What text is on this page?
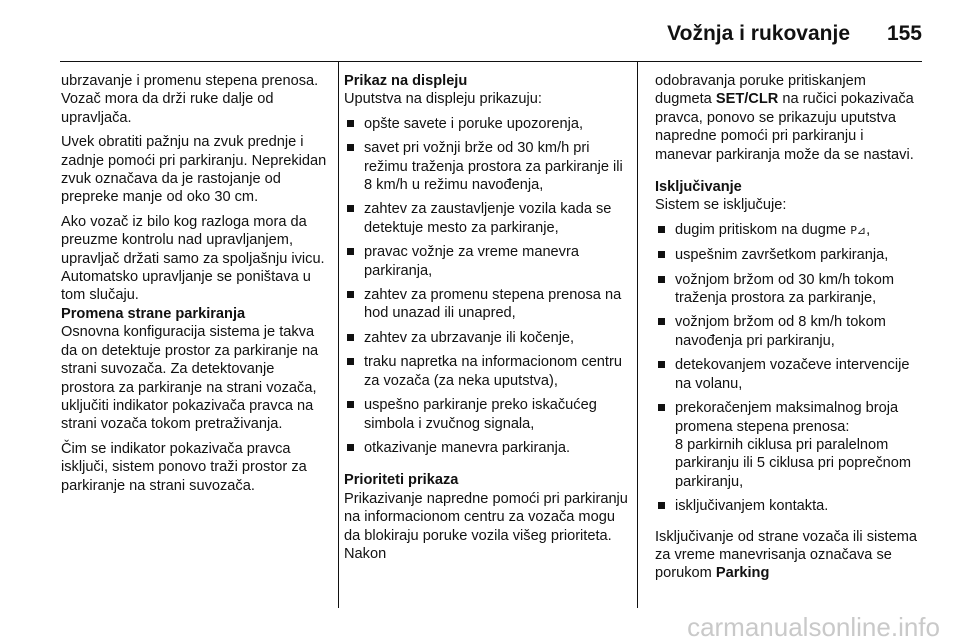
Vožnja i rukovanje 155

ubrzavanje i promenu stepena prenosa. Vozač mora da drži ruke dalje od upravljača.

Uvek obratiti pažnju na zvuk prednje i zadnje pomoći pri parkiranju. Neprekidan zvuk označava da je rastojanje od prepreke manje od oko 30 cm.

Ako vozač iz bilo kog razloga mora da preuzme kontrolu nad upravljanjem, upravljač držati samo za spoljašnju ivicu. Automatsko upravljanje se poništava u tom slučaju.

Promena strane parkiranja

Osnovna konfiguracija sistema je takva da on detektuje prostor za parkiranje na strani suvozača. Za detektovanje prostora za parkiranje na strani vozača, uključiti indikator pokazivača pravca na strani vozača tokom pretraživanja.

Čim se indikator pokazivača pravca isključi, sistem ponovo traži prostor za parkiranje na strani suvozača.

Prikaz na displeju

Uputstva na displeju prikazuju:

opšte savete i poruke upozorenja,
savet pri vožnji brže od 30 km/h pri režimu traženja prostora za parkiranje ili 8 km/h u režimu navođenja,
zahtev za zaustavljenje vozila kada se detektuje mesto za parkiranje,
pravac vožnje za vreme manevra parkiranja,
zahtev za promenu stepena prenosa na hod unazad ili unapred,
zahtev za ubrzavanje ili kočenje,
traku napretka na informacionom centru za vozača (za neka uputstva),
uspešno parkiranje preko iskačućeg simbola i zvučnog signala,
otkazivanje manevra parkiranja.
Prioriteti prikaza

Prikazivanje napredne pomoći pri parkiranju na informacionom centru za vozača mogu da blokiraju poruke vozila višeg prioriteta. Nakon

odobravanja poruke pritiskanjem dugmeta SET/CLR na ručici pokazivača pravca, ponovo se prikazuju uputstva napredne pomoći pri parkiranju i manevar parkiranja može da se nastavi.

Isključivanje

Sistem se isključuje:

dugim pritiskom na dugme P⊿,
uspešnim završetkom parkiranja,
vožnjom bržom od 30 km/h tokom traženja prostora za parkiranje,
vožnjom bržom od 8 km/h tokom navođenja pri parkiranju,
detekovanjem vozačeve intervencije na volanu,
prekoračenjem maksimalnog broja promena stepena prenosa:
8 parkirnih ciklusa pri paralelnom parkiranju ili 5 ciklusa pri poprečnom parkiranju,
isključivanjem kontakta.

Isključivanje od strane vozača ili sistema za vreme manevrisanja označava se porukom Parking

carmanualsonline.info
